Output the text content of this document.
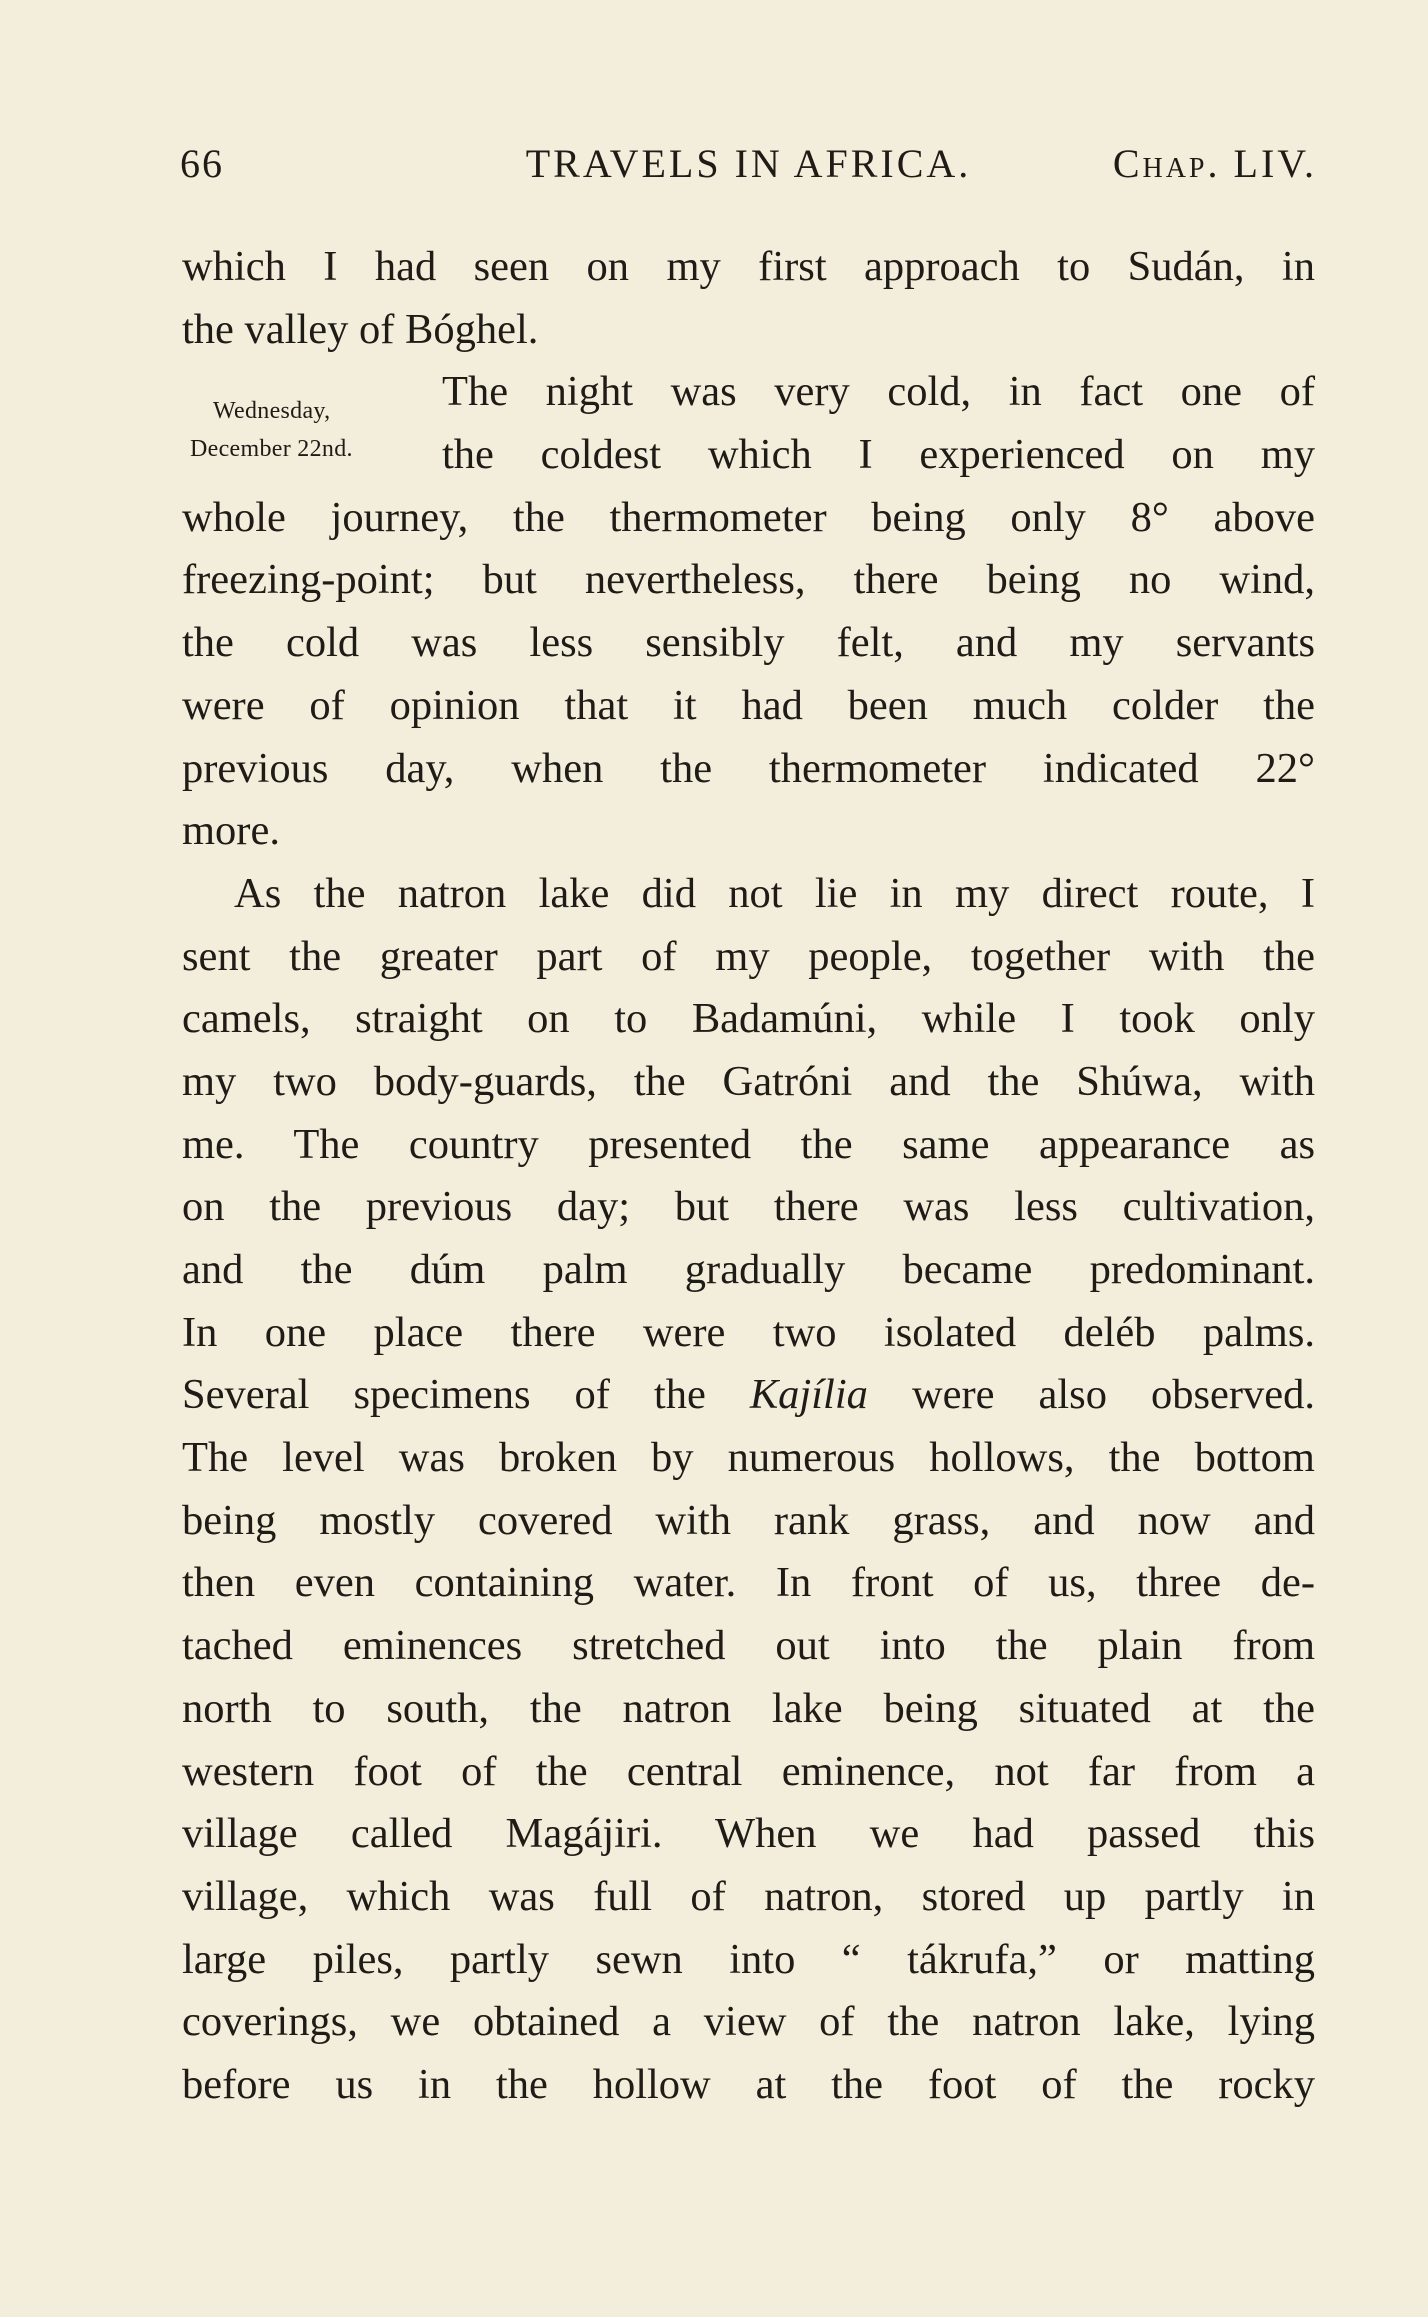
66	TRAVELS IN AFRICA.	Chap. LIV.
Wednesday,
December 22nd.
which I had seen on my first approach to Sudán, in
the valley of Bóghel.
The night was very cold, in fact one of
the coldest which I experienced on my
whole journey, the thermometer being only 8° above
freezing-point; but nevertheless, there being no wind,
the cold was less sensibly felt, and my servants
were of opinion that it had been much colder the
previous day, when the thermometer indicated 22°
more.
As the natron lake did not lie in my direct route, I
sent the greater part of my people, together with the
camels, straight on to Badamúni, while I took only
my two body-guards, the Gatróni and the Shúwa, with
me. The country presented the same appearance as
on the previous day; but there was less cultivation,
and the dúm palm gradually became predominant.
In one place there were two isolated deléb palms.
Several specimens of the Kajília were also observed.
The level was broken by numerous hollows, the bottom
being mostly covered with rank grass, and now and
then even containing water. In front of us, three de-
tached eminences stretched out into the plain from
north to south, the natron lake being situated at the
western foot of the central eminence, not far from a
village called Magájiri. When we had passed this
village, which was full of natron, stored up partly in
large piles, partly sewn into “ tákrufa,” or matting
coverings, we obtained a view of the natron lake, lying
before us in the hollow at the foot of the rocky
